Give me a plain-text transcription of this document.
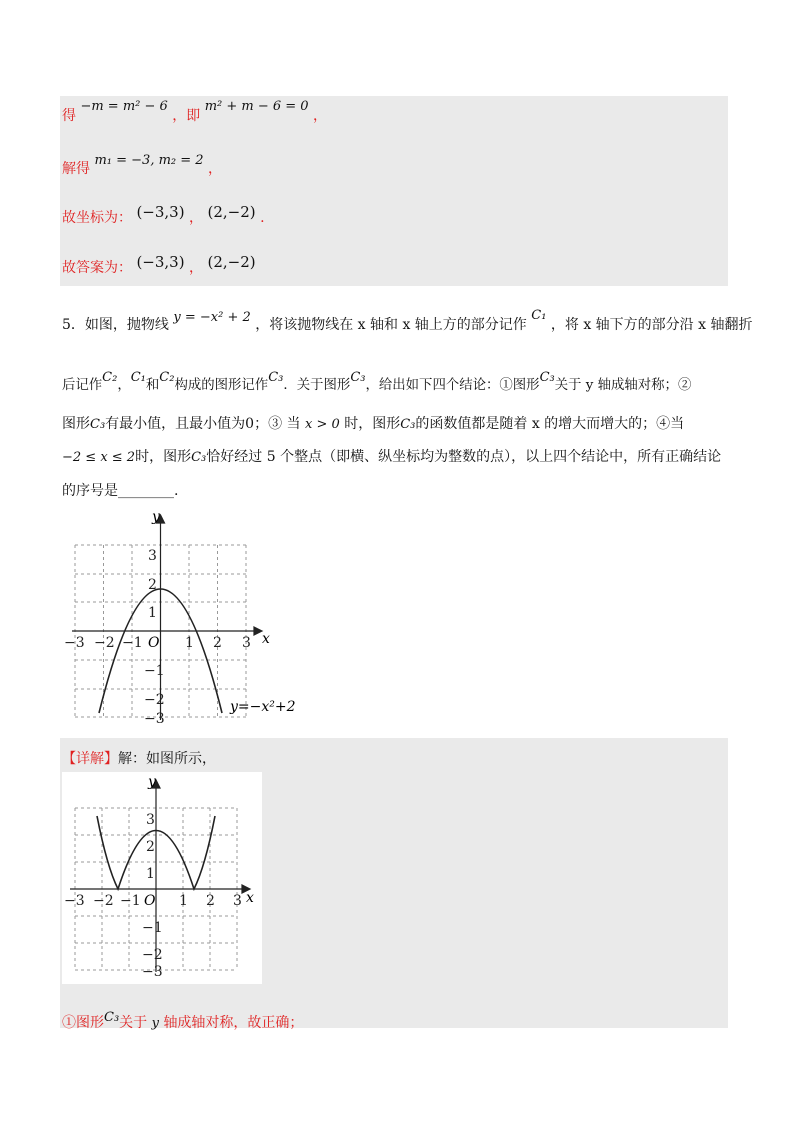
得 −m = m² − 6 ，即 m² + m − 6 = 0 ，
解得 m₁ = −3, m₂ = 2 ，
故坐标为： (−3,3) ， (2,−2) .
故答案为： (−3,3) ， (2,−2)
5．如图，抛物线 y = −x² + 2 ，将该抛物线在 x 轴和 x 轴上方的部分记作 C₁ ，将 x 轴下方的部分沿 x 轴翻折
后记作C₂，C₁和C₂构成的图形记作C₃．关于图形C₃，给出如下四个结论：①图形C₃关于 y 轴成轴对称；②
图形C₃有最小值，且最小值为0；③ 当 x > 0 时，图形C₃的函数值都是随着 x 的增大而增大的；④当
−2 ≤ x ≤ 2时，图形C₃恰好经过 5 个整点（即横、纵坐标均为整数的点），以上四个结论中，所有正确结论
的序号是________.
y
x
O
−3 −2 −1	1 2 3
3
2
1
−1
−2
−3
y=−x²+2
【详解】解：如图所示，
y
x
O
−3 −2 −1	1 2 3
3
2
1
−1
−2
−3
①图形C₃关于 y 轴成轴对称，故正确；
